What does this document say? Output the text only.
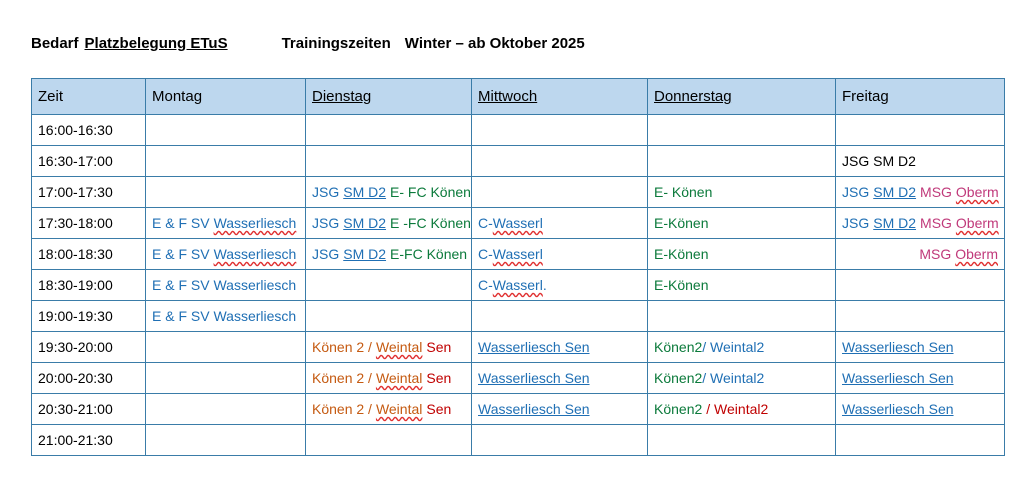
Bedarf Platzbelegung ETuS	Trainingszeiten Winter – ab Oktober 2025
Zeit	Montag	Dienstag	Mittwoch	Donnerstag	Freitag
16:00-16:30					
16:30-17:00					JSG SM D2
17:00-17:30		JSG SM D2 E- FC Könen		E- Könen	JSG SM D2 MSG Oberm
17:30-18:00	E & F SV Wasserliesch	JSG SM D2 E -FC Könen	C-Wasserl	E-Könen	JSG SM D2 MSG Oberm
18:00-18:30	E & F SV Wasserliesch	JSG SM D2 E-FC Könen	C-Wasserl	E-Könen	MSG Oberm
18:30-19:00	E & F SV Wasserliesch		C-Wasserl.	E-Könen	
19:00-19:30	E & F SV Wasserliesch				
19:30-20:00		Könen 2 / Weintal Sen	Wasserliesch Sen	Könen2/ Weintal2	Wasserliesch Sen
20:00-20:30		Könen 2 / Weintal Sen	Wasserliesch Sen	Könen2/ Weintal2	Wasserliesch Sen
20:30-21:00		Könen 2 / Weintal Sen	Wasserliesch Sen	Könen2 / Weintal2	Wasserliesch Sen
21:00-21:30					
